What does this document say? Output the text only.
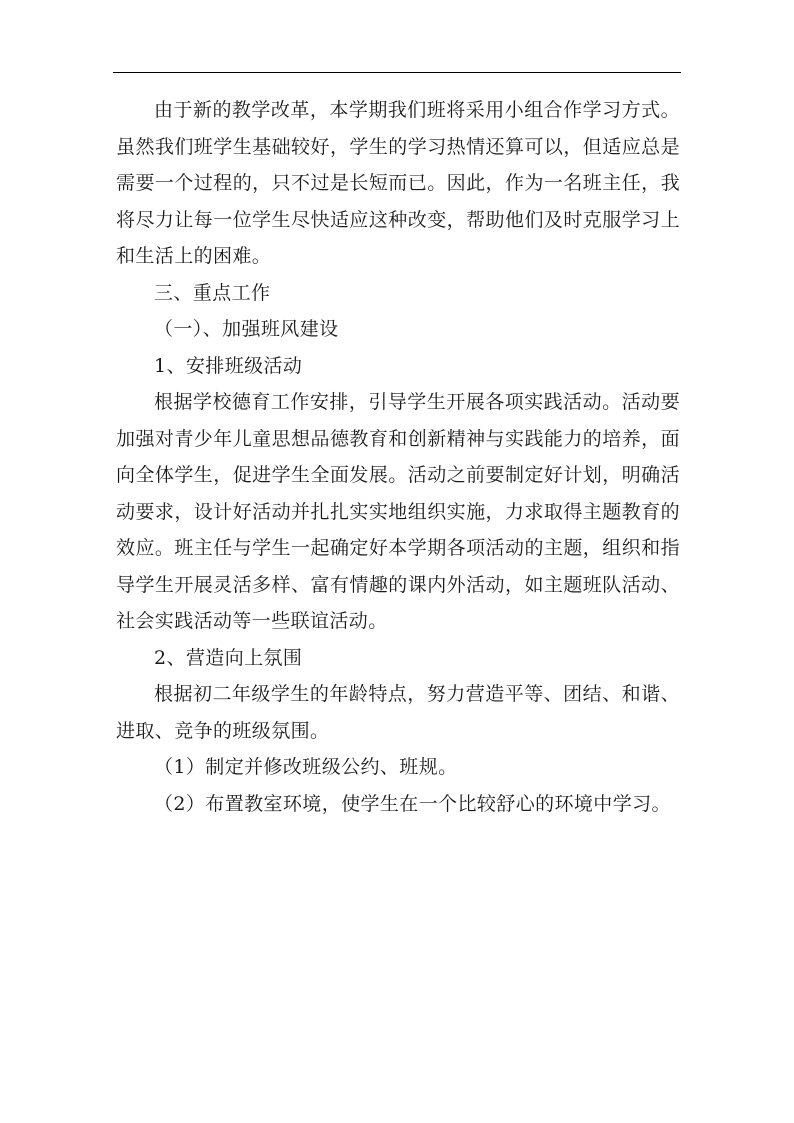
由于新的教学改革，本学期我们班将采用小组合作学习方式。虽然我们班学生基础较好，学生的学习热情还算可以，但适应总是需要一个过程的，只不过是长短而已。因此，作为一名班主任，我将尽力让每一位学生尽快适应这种改变，帮助他们及时克服学习上和生活上的困难。

三、重点工作

（一）、加强班风建设

1、安排班级活动

根据学校德育工作安排，引导学生开展各项实践活动。活动要加强对青少年儿童思想品德教育和创新精神与实践能力的培养，面向全体学生，促进学生全面发展。活动之前要制定好计划，明确活动要求，设计好活动并扎扎实实地组织实施，力求取得主题教育的效应。班主任与学生一起确定好本学期各项活动的主题，组织和指导学生开展灵活多样、富有情趣的课内外活动，如主题班队活动、社会实践活动等一些联谊活动。

2、营造向上氛围

根据初二年级学生的年龄特点，努力营造平等、团结、和谐、进取、竞争的班级氛围。

（1）制定并修改班级公约、班规。

（2）布置教室环境，使学生在一个比较舒心的环境中学习。
